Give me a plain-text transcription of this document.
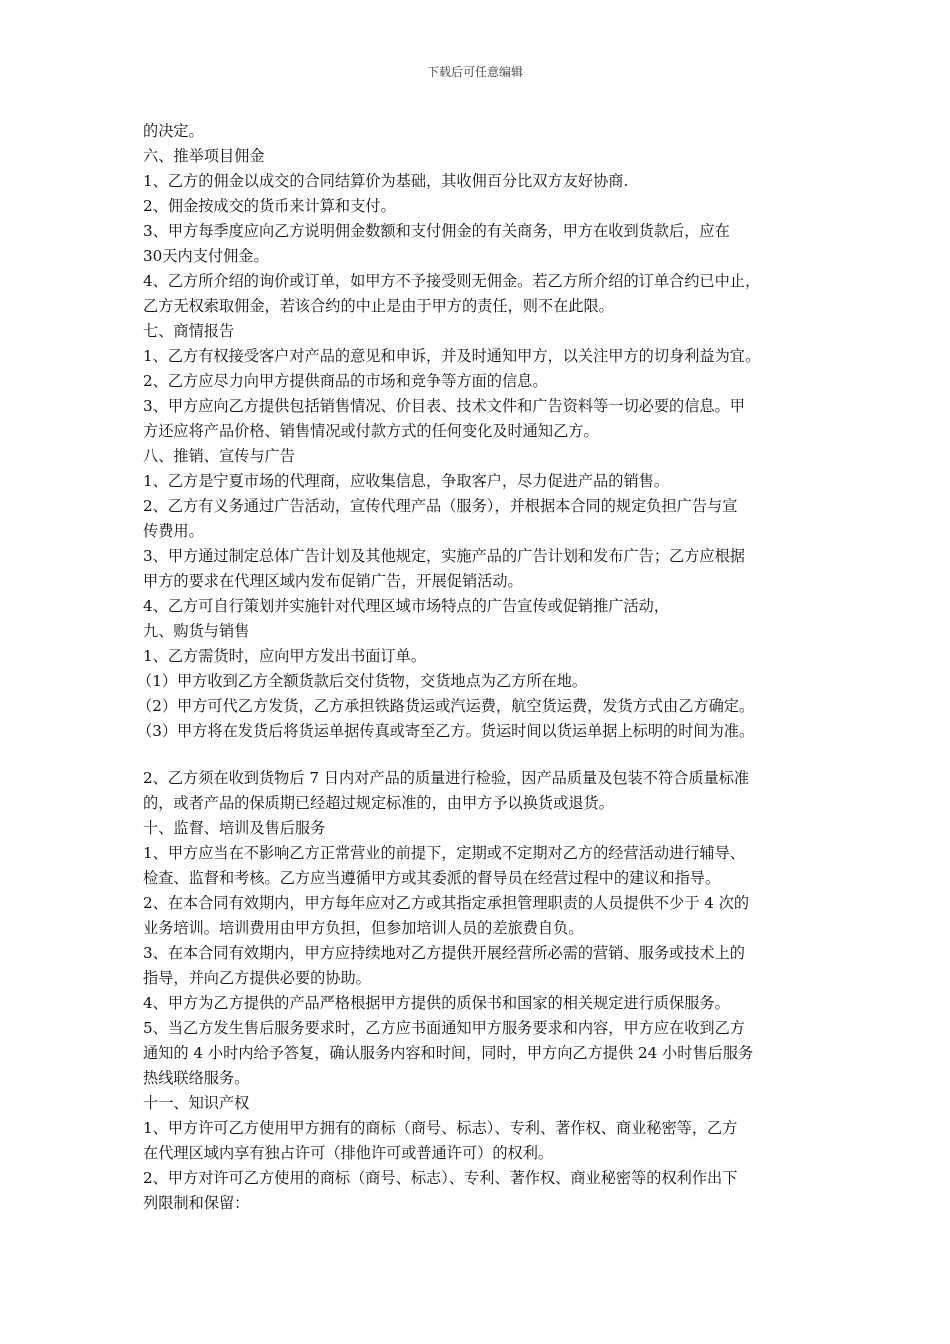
下载后可任意编辑
的决定。
六、推举项目佣金
1、乙方的佣金以成交的合同结算价为基础，其收佣百分比双方友好协商.
2、佣金按成交的货币来计算和支付。
3、甲方每季度应向乙方说明佣金数额和支付佣金的有关商务，甲方在收到货款后，应在
30天内支付佣金。
4、乙方所介绍的询价或订单，如甲方不予接受则无佣金。若乙方所介绍的订单合约已中止，
乙方无权索取佣金，若该合约的中止是由于甲方的责任，则不在此限。
七、商情报告
1、乙方有权接受客户对产品的意见和申诉，并及时通知甲方，以关注甲方的切身利益为宜。
2、乙方应尽力向甲方提供商品的市场和竞争等方面的信息。
3、甲方应向乙方提供包括销售情况、价目表、技术文件和广告资料等一切必要的信息。甲
方还应将产品价格、销售情况或付款方式的任何变化及时通知乙方。
八、推销、宣传与广告
1、乙方是宁夏市场的代理商，应收集信息，争取客户，尽力促进产品的销售。
2、乙方有义务通过广告活动，宣传代理产品（服务），并根据本合同的规定负担广告与宣
传费用。
3、甲方通过制定总体广告计划及其他规定，实施产品的广告计划和发布广告；乙方应根据
甲方的要求在代理区域内发布促销广告，开展促销活动。
4、乙方可自行策划并实施针对代理区域市场特点的广告宣传或促销推广活动，
九、购货与销售
1、乙方需货时，应向甲方发出书面订单。
（1）甲方收到乙方全额货款后交付货物，交货地点为乙方所在地。
（2）甲方可代乙方发货，乙方承担铁路货运或汽运费，航空货运费，发货方式由乙方确定。
（3）甲方将在发货后将货运单据传真或寄至乙方。货运时间以货运单据上标明的时间为准。
2、乙方须在收到货物后 7 日内对产品的质量进行检验，因产品质量及包装不符合质量标准
的，或者产品的保质期已经超过规定标准的，由甲方予以换货或退货。
十、监督、培训及售后服务
1、甲方应当在不影响乙方正常营业的前提下，定期或不定期对乙方的经营活动进行辅导、
检查、监督和考核。乙方应当遵循甲方或其委派的督导员在经营过程中的建议和指导。
2、在本合同有效期内，甲方每年应对乙方或其指定承担管理职责的人员提供不少于 4 次的
业务培训。培训费用由甲方负担，但参加培训人员的差旅费自负。
3、在本合同有效期内，甲方应持续地对乙方提供开展经营所必需的营销、服务或技术上的
指导，并向乙方提供必要的协助。
4、甲方为乙方提供的产品严格根据甲方提供的质保书和国家的相关规定进行质保服务。
5、当乙方发生售后服务要求时，乙方应书面通知甲方服务要求和内容，甲方应在收到乙方
通知的 4 小时内给予答复，确认服务内容和时间，同时，甲方向乙方提供 24 小时售后服务
热线联络服务。
十一、知识产权
1、甲方许可乙方使用甲方拥有的商标（商号、标志）、专利、著作权、商业秘密等，乙方
在代理区域内享有独占许可（排他许可或普通许可）的权利。
2、甲方对许可乙方使用的商标（商号、标志）、专利、著作权、商业秘密等的权利作出下
列限制和保留：
